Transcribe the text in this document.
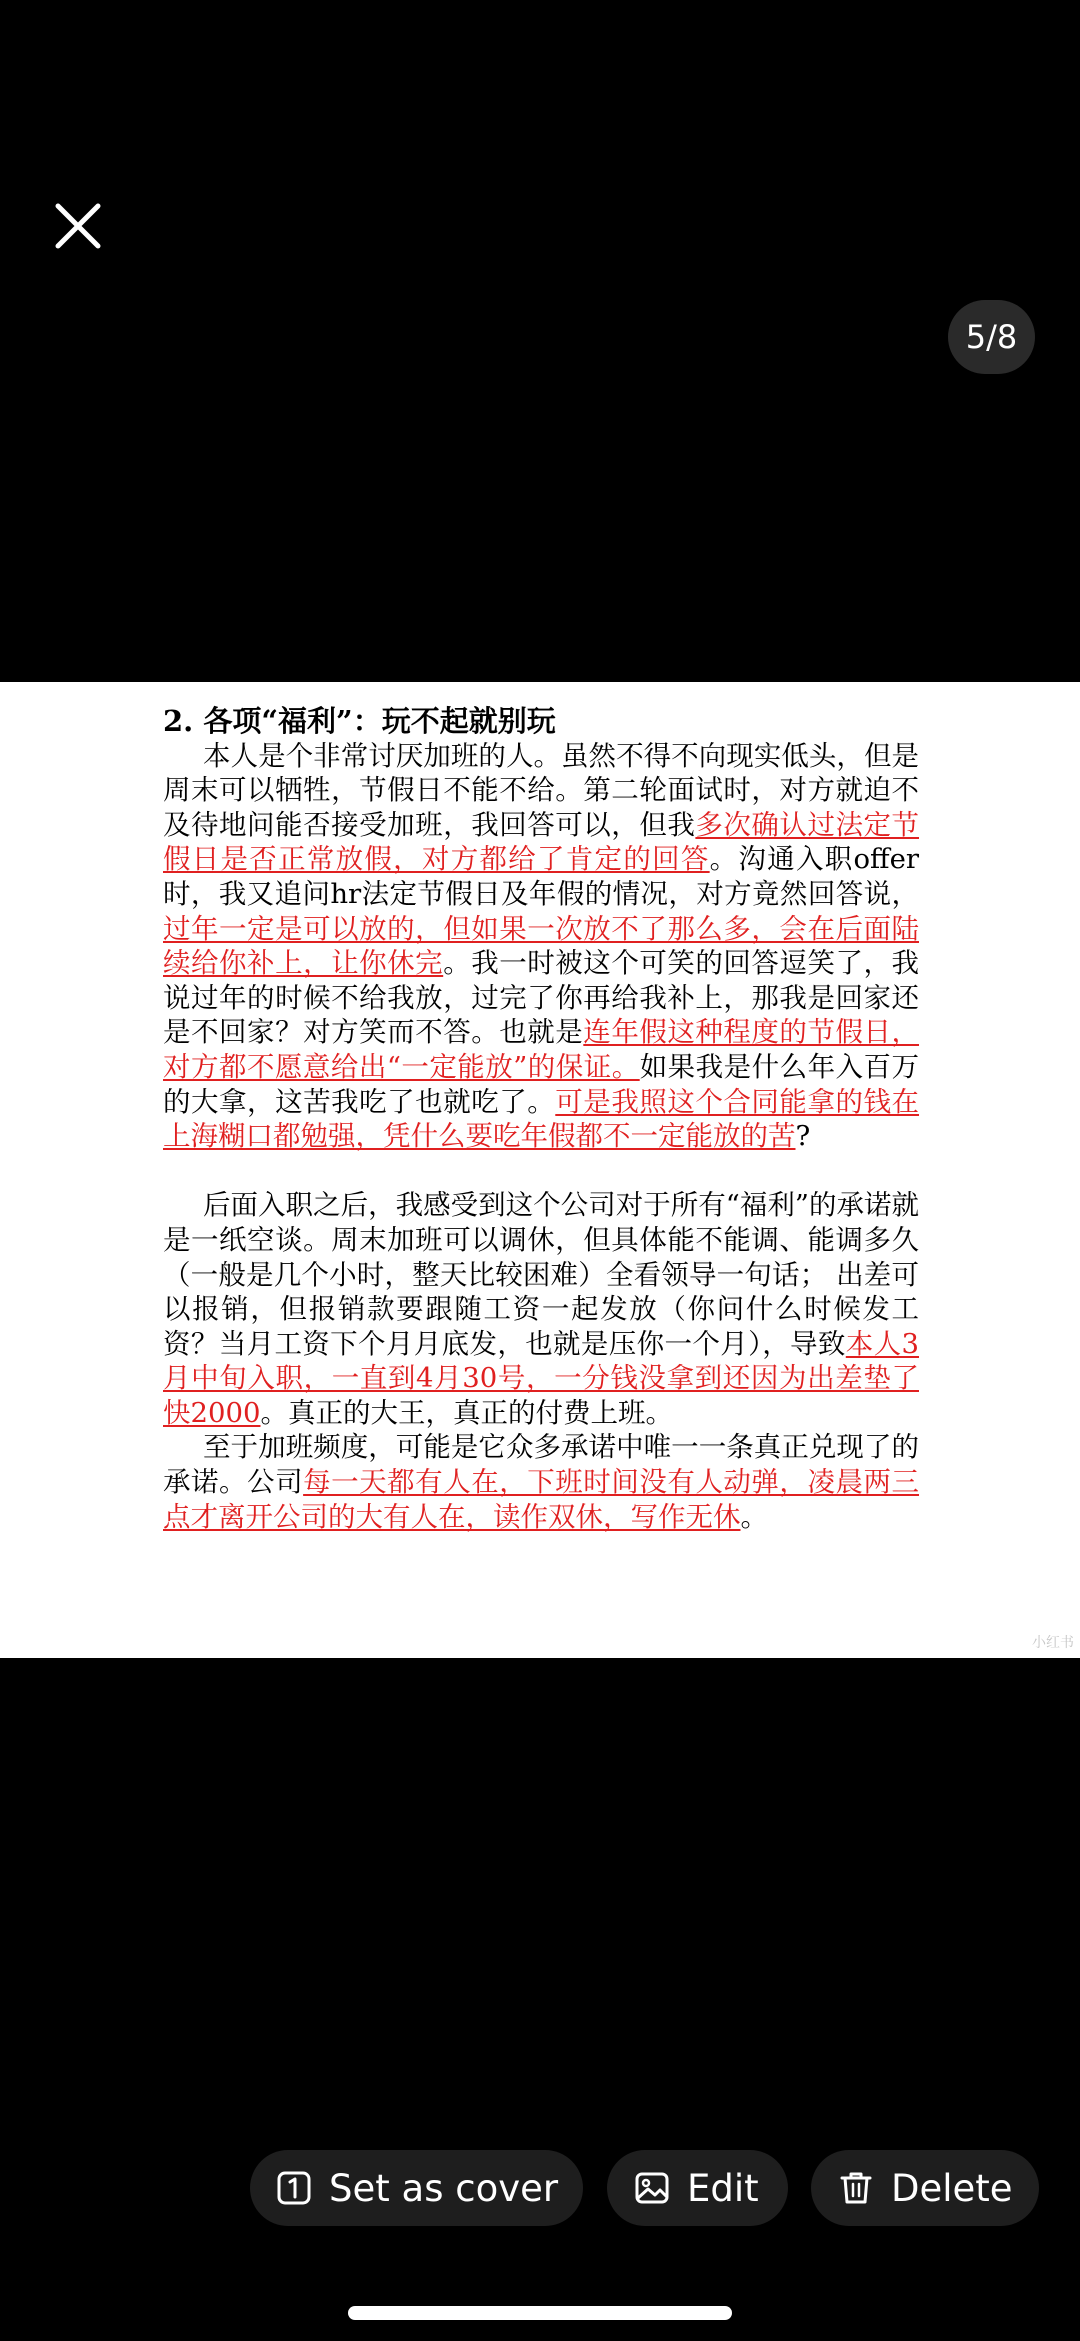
5/8

2. 各项“福利”：玩不起就别玩

本人是个非常讨厌加班的人。虽然不得不向现实低头，但是周末可以牺牲，节假日不能不给。第二轮面试时，对方就迫不及待地问能否接受加班，我回答可以，但我多次确认过法定节假日是否正常放假，对方都给了肯定的回答。沟通入职offer时，我又追问hr法定节假日及年假的情况，对方竟然回答说，过年一定是可以放的，但如果一次放不了那么多，会在后面陆续给你补上，让你休完。我一时被这个可笑的回答逗笑了，我说过年的时候不给我放，过完了你再给我补上，那我是回家还是不回家？对方笑而不答。也就是连年假这种程度的节假日，对方都不愿意给出“一定能放”的保证。如果我是什么年入百万的大拿，这苦我吃了也就吃了。可是我照这个合同能拿的钱在上海糊口都勉强，凭什么要吃年假都不一定能放的苦?

后面入职之后，我感受到这个公司对于所有“福利”的承诺就是一纸空谈。周末加班可以调休，但具体能不能调、能调多久（一般是几个小时，整天比较困难）全看领导一句话； 出差可以报销，但报销款要跟随工资一起发放（你问什么时候发工资？当月工资下个月月底发，也就是压你一个月），导致本人3月中旬入职，一直到4月30号，一分钱没拿到还因为出差垫了快2000。真正的大王，真正的付费上班。

至于加班频度，可能是它众多承诺中唯一一条真正兑现了的承诺。公司每一天都有人在，下班时间没有人动弹，凌晨两三点才离开公司的大有人在，读作双休，写作无休。

小红书
Set as cover	Edit	Delete
